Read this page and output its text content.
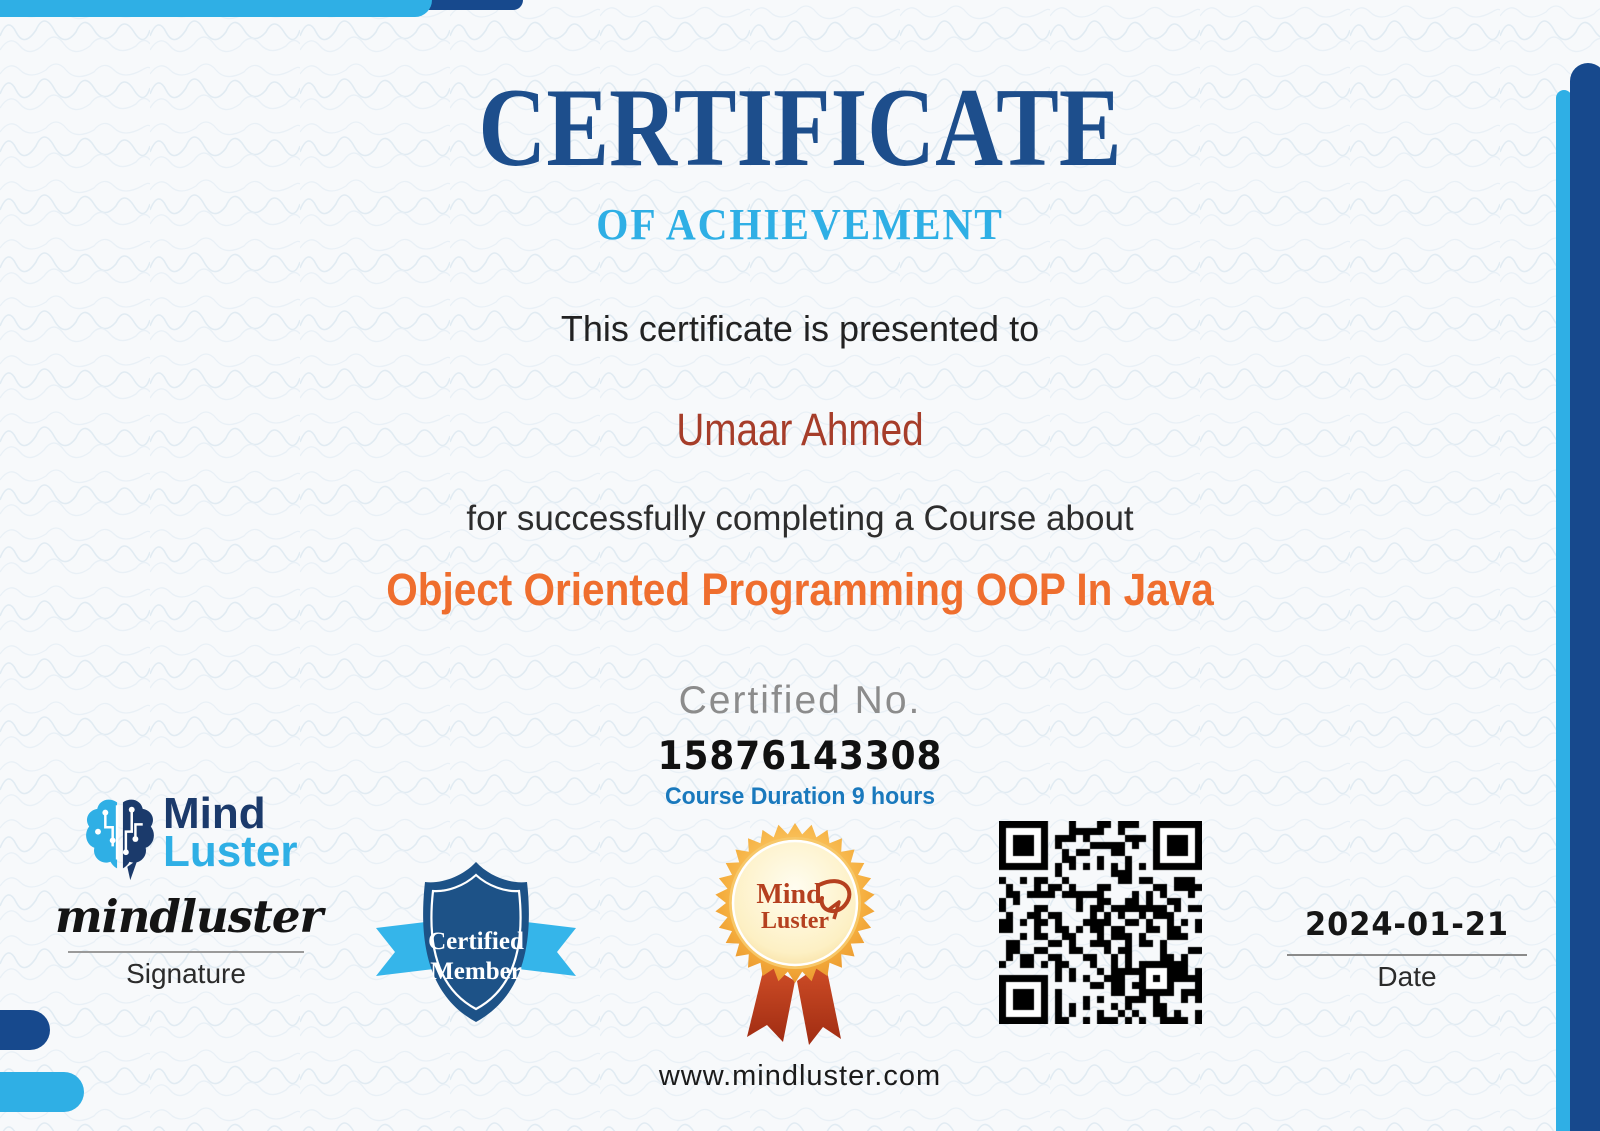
CERTIFICATE
OF ACHIEVEMENT
This certificate is presented to
Umaar Ahmed
for successfully completing a Course about
Object Oriented Programming OOP In Java
Certified No.
15876143308
Course Duration 9 hours
Mind
Luster
mindluster
Signature
Certified
Member
Mind
Luster	2024-01-21
Date
www.mindluster.com
